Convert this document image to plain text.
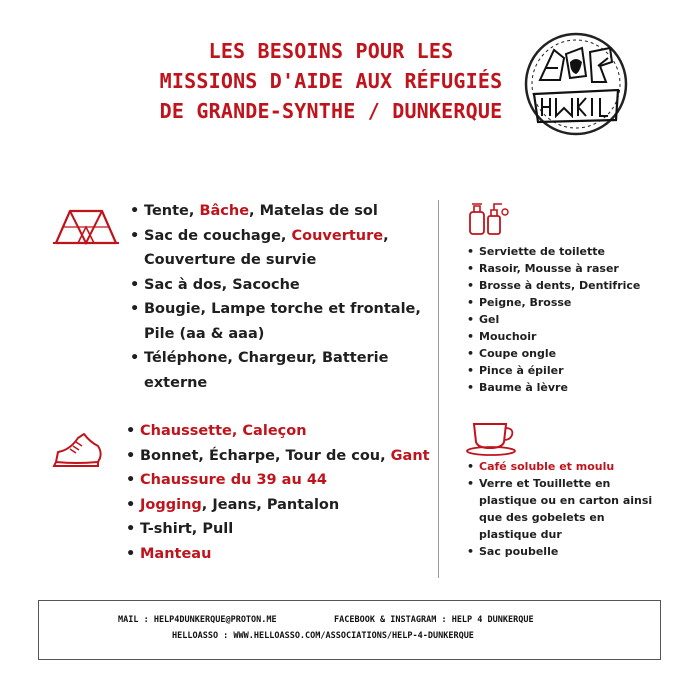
LES BESOINS POUR LES
MISSIONS D'AIDE AUX RÉFUGIÉS
DE GRANDE-SYNTHE / DUNKERQUE
• Tente, Bâche, Matelas de sol
• Sac de couchage, Couverture,
Couverture de survie
• Sac à dos, Sacoche
• Bougie, Lampe torche et frontale,
Pile (aa & aaa)
• Téléphone, Chargeur, Batterie
externe
• Chaussette, Caleçon
• Bonnet, Écharpe, Tour de cou, Gant
• Chaussure du 39 au 44
• Jogging, Jeans, Pantalon
• T-shirt, Pull
• Manteau
• Serviette de toilette
• Rasoir, Mousse à raser
• Brosse à dents, Dentifrice
• Peigne, Brosse
• Gel
• Mouchoir
• Coupe ongle
• Pince à épiler
• Baume à lèvre
• Café soluble et moulu
• Verre et Touillette en
plastique ou en carton ainsi
que des gobelets en
plastique dur
• Sac poubelle
MAIL : HELP4DUNKERQUE@PROTON.ME	FACEBOOK & INSTAGRAM : HELP 4 DUNKERQUE
HELLOASSO : WWW.HELLOASSO.COM/ASSOCIATIONS/HELP-4-DUNKERQUE
